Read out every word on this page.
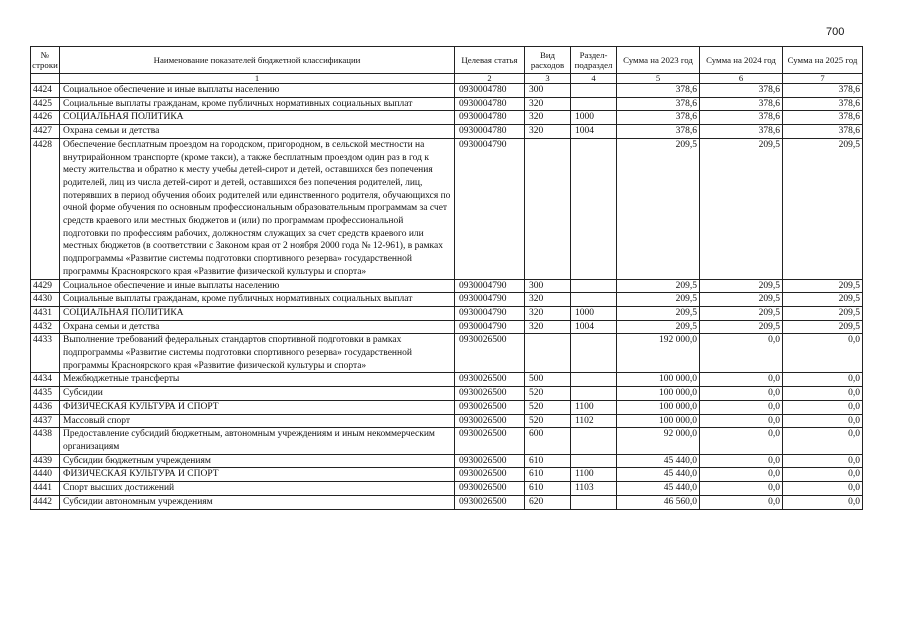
700
№ строки	Наименование показателей бюджетной классификации	Целевая статья	Вид расходов	Раздел-подраздел	Сумма на 2023 год	Сумма на 2024 год	Сумма на 2025 год
	1	2	3	4	5	6	7
4424	Социальное обеспечение и иные выплаты населению	0930004780	300		378,6	378,6	378,6
4425	Социальные выплаты гражданам, кроме публичных нормативных социальных выплат	0930004780	320		378,6	378,6	378,6
4426	СОЦИАЛЬНАЯ ПОЛИТИКА	0930004780	320	1000	378,6	378,6	378,6
4427	Охрана семьи и детства	0930004780	320	1004	378,6	378,6	378,6
4428	Обеспечение бесплатным проездом на городском, пригородном, в сельской местности на внутрирайонном транспорте (кроме такси), а также бесплатным проездом один раз в год к месту жительства и обратно к месту учебы детей-сирот и детей, оставшихся без попечения родителей, лиц из числа детей-сирот и детей, оставшихся без попечения родителей, лиц, потерявших в период обучения обоих родителей или единственного родителя, обучающихся по очной форме обучения по основным профессиональным образовательным программам за счет средств краевого или местных бюджетов и (или) по программам профессиональной подготовки по профессиям рабочих, должностям служащих за счет средств краевого или местных бюджетов (в соответствии с Законом края от 2 ноября 2000 года № 12-961), в рамках подпрограммы «Развитие системы подготовки спортивного резерва» государственной программы Красноярского края «Развитие физической культуры и спорта»	0930004790			209,5	209,5	209,5
4429	Социальное обеспечение и иные выплаты населению	0930004790	300		209,5	209,5	209,5
4430	Социальные выплаты гражданам, кроме публичных нормативных социальных выплат	0930004790	320		209,5	209,5	209,5
4431	СОЦИАЛЬНАЯ ПОЛИТИКА	0930004790	320	1000	209,5	209,5	209,5
4432	Охрана семьи и детства	0930004790	320	1004	209,5	209,5	209,5
4433	Выполнение требований федеральных стандартов спортивной подготовки в рамках подпрограммы «Развитие системы подготовки спортивного резерва» государственной программы Красноярского края «Развитие физической культуры и спорта»	0930026500			192 000,0	0,0	0,0
4434	Межбюджетные трансферты	0930026500	500		100 000,0	0,0	0,0
4435	Субсидии	0930026500	520		100 000,0	0,0	0,0
4436	ФИЗИЧЕСКАЯ КУЛЬТУРА И СПОРТ	0930026500	520	1100	100 000,0	0,0	0,0
4437	Массовый спорт	0930026500	520	1102	100 000,0	0,0	0,0
4438	Предоставление субсидий бюджетным, автономным учреждениям и иным некоммерческим организациям	0930026500	600		92 000,0	0,0	0,0
4439	Субсидии бюджетным учреждениям	0930026500	610		45 440,0	0,0	0,0
4440	ФИЗИЧЕСКАЯ КУЛЬТУРА И СПОРТ	0930026500	610	1100	45 440,0	0,0	0,0
4441	Спорт высших достижений	0930026500	610	1103	45 440,0	0,0	0,0
4442	Субсидии автономным учреждениям	0930026500	620		46 560,0	0,0	0,0
